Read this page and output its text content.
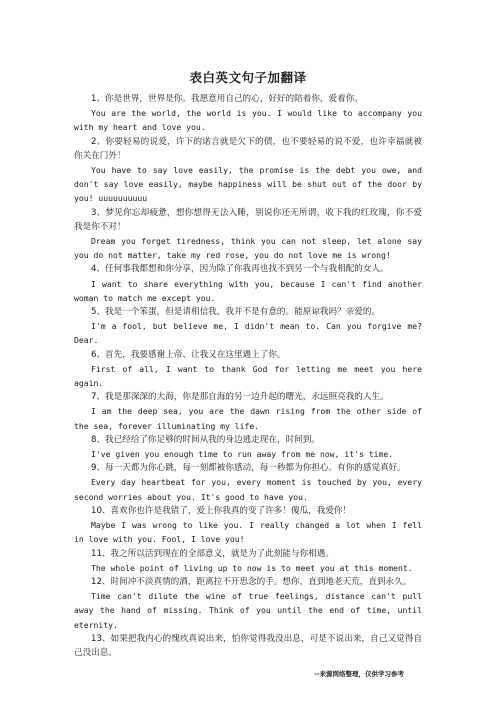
表白英文句子加翻译

1、你是世界，世界是你。我愿意用自己的心，好好的陪着你，爱着你。

You are the world, the world is you. I would like to accompany you with my heart and love you.

2、你要轻易的说爱，许下的诺言就是欠下的债，也不要轻易的说不爱，也许幸福就被你关在门外！

You have to say love easily, the promise is the debt you owe, and don't say love easily, maybe happiness will be shut out of the door by you! uuuuuuuuuu

3、梦见你忘却疲惫，想你想得无法入睡，别说你还无所谓，收下我的红玫瑰，你不爱我是你不对！

Dream you forget tiredness, think you can not sleep, let alone say you do not matter, take my red rose, you do not love me is wrong!

4、任何事我都想和你分享，因为除了你我再也找不到另一个与我相配的女人。

I want to share everything with you, because I can't find another woman to match me except you.

5、我是一个笨蛋，但是请相信我，我并不是有意的。能原谅我吗？亲爱的。

I'm a fool, but believe me, I didn't mean to. Can you forgive me? Dear.

6、首先，我要感谢上帝、让我又在这里遇上了你。

First of all, I want to thank God for letting me meet you here again.

7、我是那深深的大海，你是那自海的另一边升起的曙光，永远照亮我的人生。

I am the deep sea, you are the dawn rising from the other side of the sea, forever illuminating my life.

8、我已经给了你足够的时间从我的身边逃走现在，时间到。

I've given you enough time to run away from me now, it's time.

9、每一天都为你心跳，每一刻都被你感动，每一秒都为你担心。有你的感觉真好。

Every day heartbeat for you, every moment is touched by you, every second worries about you. It's good to have you.

10、喜欢你也许是我错了，爱上你我真的变了许多！傻瓜，我爱你！

Maybe I was wrong to like you. I really changed a lot when I fell in love with you. Fool, I love you!

11、我之所以活到现在的全部意义，就是为了此刻能与你相遇。

The whole point of living up to now is to meet you at this moment.

12、时间冲不淡真情的酒，距离拉不开思念的手。想你，直到地老天荒，直到永久。

Time can't dilute the wine of true feelings, distance can't pull away the hand of missing. Think of you until the end of time, until eternity.

13、如果把我内心的愧疚真说出来，怕你觉得我没出息，可是不说出来，自己又觉得自己没出息。

--来源网络整理，仅供学习参考
